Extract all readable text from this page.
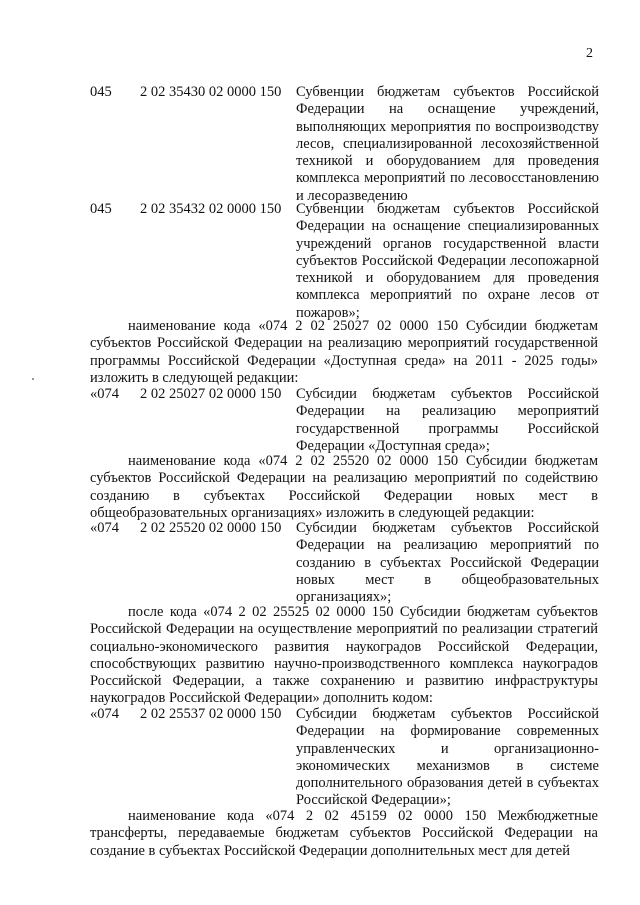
2
045 2 02 35430 02 0000 150 Субвенции бюджетам субъектов Российской Федерации на оснащение учреждений, выполняющих мероприятия по воспроизводству лесов, специализированной лесохозяйственной техникой и оборудованием для проведения комплекса мероприятий по лесовосстановлению и лесоразведению
045 2 02 35432 02 0000 150 Субвенции бюджетам субъектов Российской Федерации на оснащение специализированных учреждений органов государственной власти субъектов Российской Федерации лесопожарной техникой и оборудованием для проведения комплекса мероприятий по охране лесов от пожаров»;
наименование кода «074 2 02 25027 02 0000 150 Субсидии бюджетам субъектов Российской Федерации на реализацию мероприятий государственной программы Российской Федерации «Доступная среда» на 2011 - 2025 годы» изложить в следующей редакции:
«074 2 02 25027 02 0000 150 Субсидии бюджетам субъектов Российской Федерации на реализацию мероприятий государственной программы Российской Федерации «Доступная среда»;
наименование кода «074 2 02 25520 02 0000 150 Субсидии бюджетам субъектов Российской Федерации на реализацию мероприятий по содействию созданию в субъектах Российской Федерации новых мест в общеобразовательных организациях» изложить в следующей редакции:
«074 2 02 25520 02 0000 150 Субсидии бюджетам субъектов Российской Федерации на реализацию мероприятий по созданию в субъектах Российской Федерации новых мест в общеобразовательных организациях»;
после кода «074 2 02 25525 02 0000 150 Субсидии бюджетам субъектов Российской Федерации на осуществление мероприятий по реализации стратегий социально-экономического развития наукоградов Российской Федерации, способствующих развитию научно-производственного комплекса наукоградов Российской Федерации, а также сохранению и развитию инфраструктуры наукоградов Российской Федерации» дополнить кодом:
«074 2 02 25537 02 0000 150 Субсидии бюджетам субъектов Российской Федерации на формирование современных управленческих и организационно-экономических механизмов в системе дополнительного образования детей в субъектах Российской Федерации»;
наименование кода «074 2 02 45159 02 0000 150 Межбюджетные трансферты, передаваемые бюджетам субъектов Российской Федерации на создание в субъектах Российской Федерации дополнительных мест для детей
